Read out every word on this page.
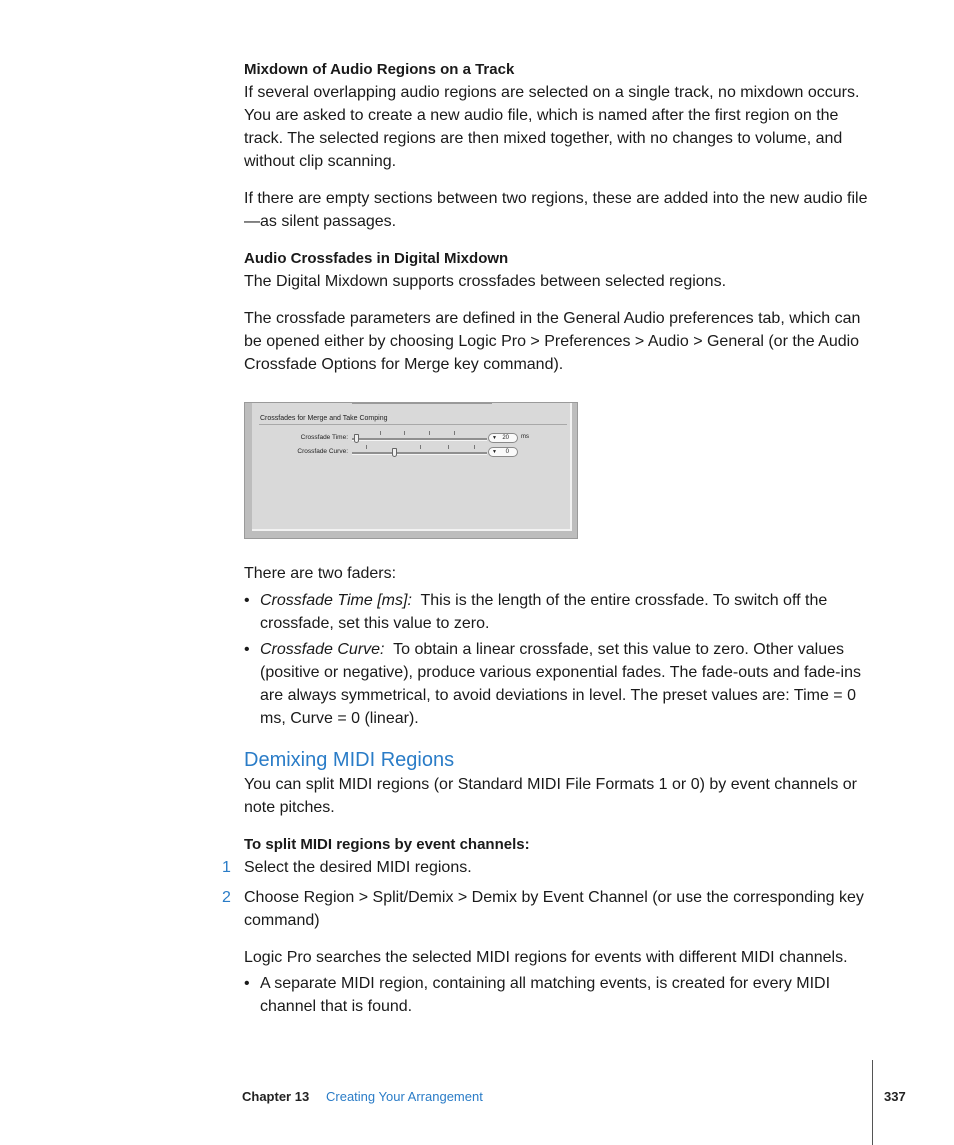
Mixdown of Audio Regions on a Track
If several overlapping audio regions are selected on a single track, no mixdown occurs. You are asked to create a new audio file, which is named after the first region on the track. The selected regions are then mixed together, with no changes to volume, and without clip scanning.
If there are empty sections between two regions, these are added into the new audio file—as silent passages.
Audio Crossfades in Digital Mixdown
The Digital Mixdown supports crossfades between selected regions.
The crossfade parameters are defined in the General Audio preferences tab, which can be opened either by choosing Logic Pro > Preferences > Audio > General (or the Audio Crossfade Options for Merge key command).
Crossfades for Merge and Take Comping
Crossfade Time:	▼ 20 ms
Crossfade Curve:	▼ 0
There are two faders:
• Crossfade Time [ms]: This is the length of the entire crossfade. To switch off the crossfade, set this value to zero.
• Crossfade Curve: To obtain a linear crossfade, set this value to zero. Other values (positive or negative), produce various exponential fades. The fade-outs and fade-ins are always symmetrical, to avoid deviations in level. The preset values are: Time = 0 ms, Curve = 0 (linear).
Demixing MIDI Regions
You can split MIDI regions (or Standard MIDI File Formats 1 or 0) by event channels or note pitches.
To split MIDI regions by event channels:
1 Select the desired MIDI regions.
2 Choose Region > Split/Demix > Demix by Event Channel (or use the corresponding key command)
Logic Pro searches the selected MIDI regions for events with different MIDI channels.
• A separate MIDI region, containing all matching events, is created for every MIDI channel that is found.
Chapter 13 Creating Your Arrangement	337
